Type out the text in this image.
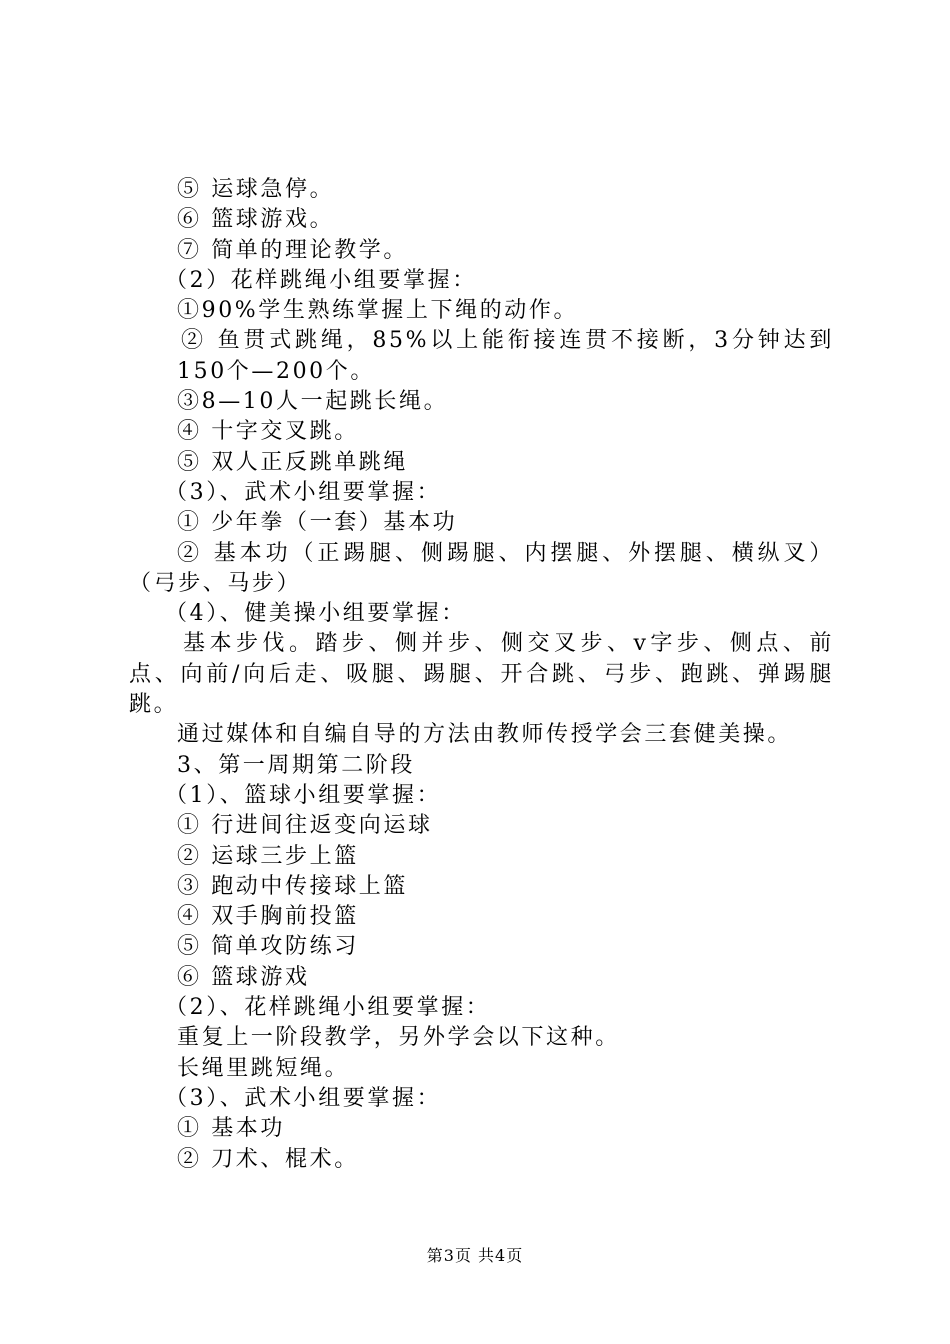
⑤ 运球急停。
⑥ 篮球游戏。
⑦ 简单的理论教学。
（2）花样跳绳小组要掌握：
①90%学生熟练掌握上下绳的动作。
② 鱼贯式跳绳，85%以上能衔接连贯不接断，3分钟达到150个—200个。
③8—10人一起跳长绳。
④ 十字交叉跳。
⑤ 双人正反跳单跳绳
（3）、武术小组要掌握：
① 少年拳（一套）基本功
② 基本功（正踢腿、侧踢腿、内摆腿、外摆腿、横纵叉）（弓步、马步）
（4）、健美操小组要掌握：
基本步伐。踏步、侧并步、侧交叉步、v字步、侧点、前点、向前/向后走、吸腿、踢腿、开合跳、弓步、跑跳、弹踢腿跳。
通过媒体和自编自导的方法由教师传授学会三套健美操。
3、第一周期第二阶段
（1）、篮球小组要掌握：
① 行进间往返变向运球
② 运球三步上篮
③ 跑动中传接球上篮
④ 双手胸前投篮
⑤ 简单攻防练习
⑥ 篮球游戏
（2）、花样跳绳小组要掌握：
重复上一阶段教学，另外学会以下这种。
长绳里跳短绳。
（3）、武术小组要掌握：
① 基本功
② 刀术、棍术。
第3页 共4页
